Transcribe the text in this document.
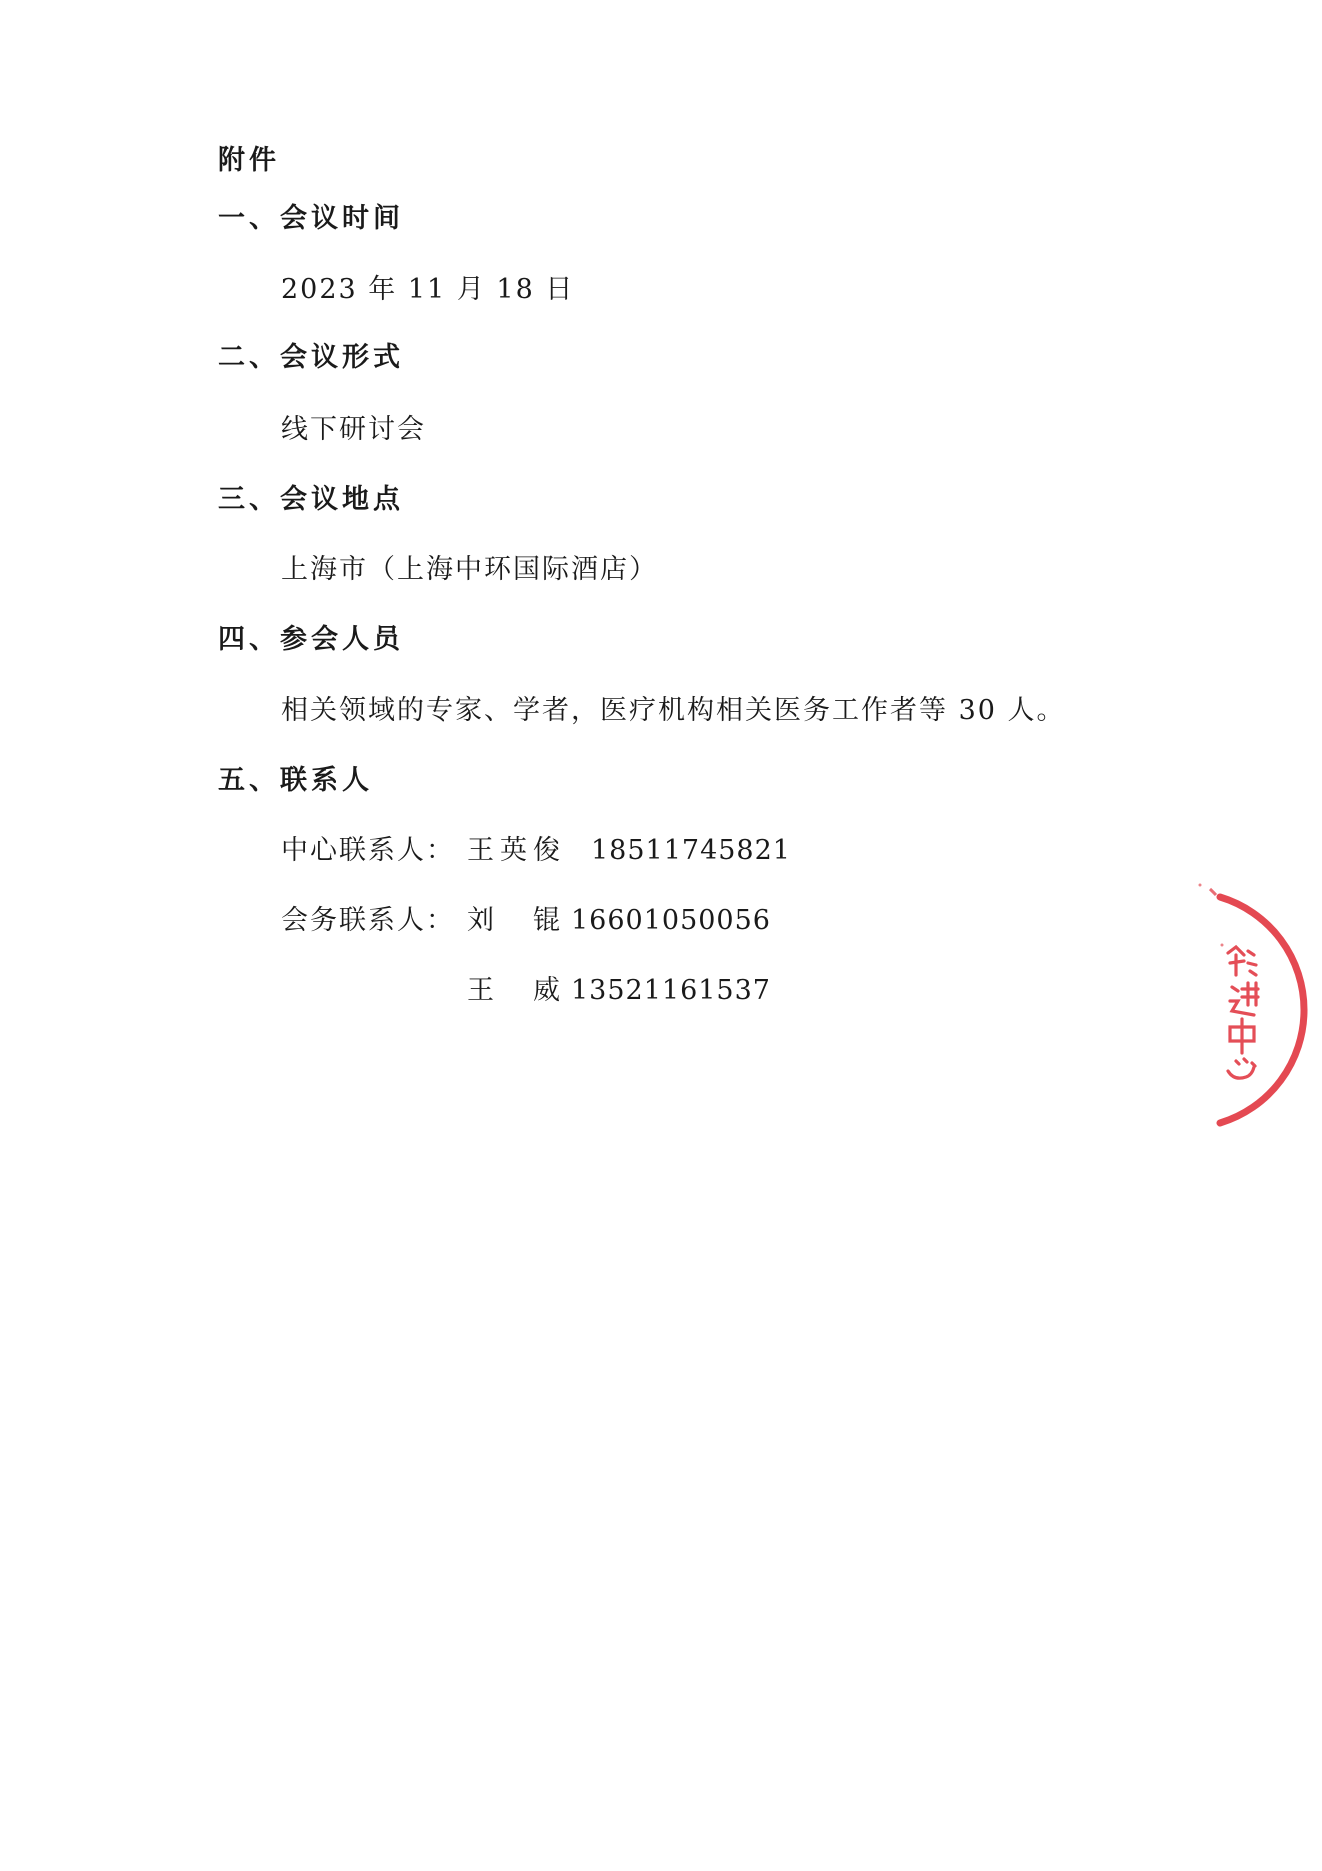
附件
一、会议时间
2023 年 11 月 18 日
二、会议形式
线下研讨会
三、会议地点
上海市（上海中环国际酒店）
四、参会人员
相关领域的专家、学者，医疗机构相关医务工作者等 30 人。
五、联系人
中心联系人： 王英俊 18511745821
会务联系人： 刘　锟 16601050056
王　威 13521161537
